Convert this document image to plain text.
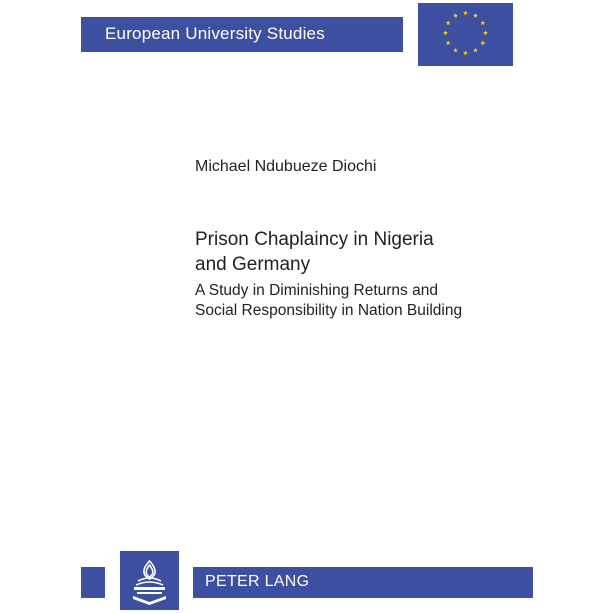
European University Studies
Michael Ndubueze Diochi
Prison Chaplaincy in Nigeria
and Germany
A Study in Diminishing Returns and
Social Responsibility in Nation Building
PETER LANG
